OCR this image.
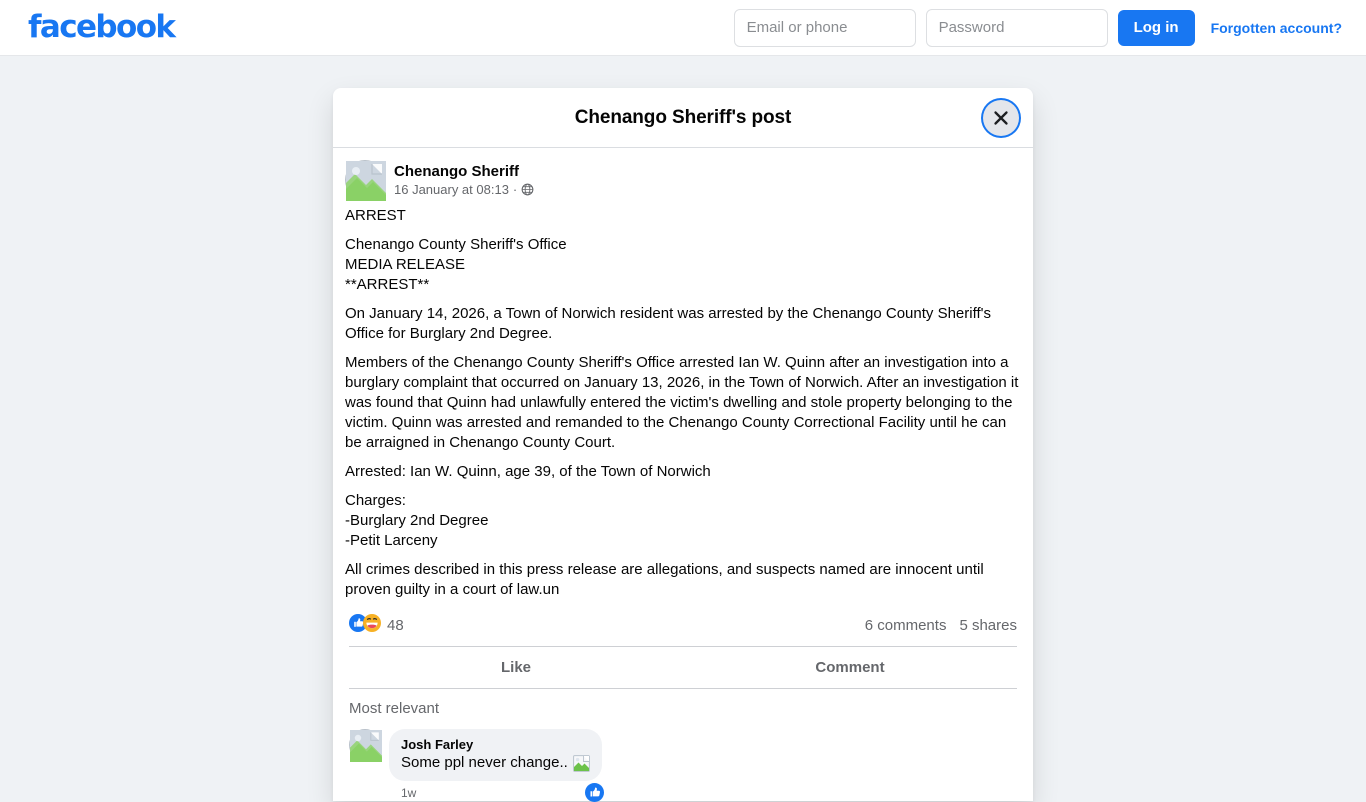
facebook
Email or phone	Log in	Forgotten account?
Chenango Sheriff's post
Chenango Sheriff
16 January at 08:13 ·
ARREST
Chenango County Sheriff's Office
MEDIA RELEASE
**ARREST**
On January 14, 2026, a Town of Norwich resident was arrested by the Chenango County Sheriff's Office for Burglary 2nd Degree.
Members of the Chenango County Sheriff's Office arrested Ian W. Quinn after an investigation into a burglary complaint that occurred on January 13, 2026, in the Town of Norwich. After an investigation it was found that Quinn had unlawfully entered the victim's dwelling and stole property belonging to the victim. Quinn was arrested and remanded to the Chenango County Correctional Facility until he can be arraigned in Chenango County Court.
Arrested: Ian W. Quinn, age 39, of the Town of Norwich
Charges:
-Burglary 2nd Degree
-Petit Larceny
All crimes described in this press release are allegations, and suspects named are innocent until proven guilty in a court of law.un
48	6 comments 5 shares
Like	Comment
Most relevant
Josh Farley
Some ppl never change..
1w
